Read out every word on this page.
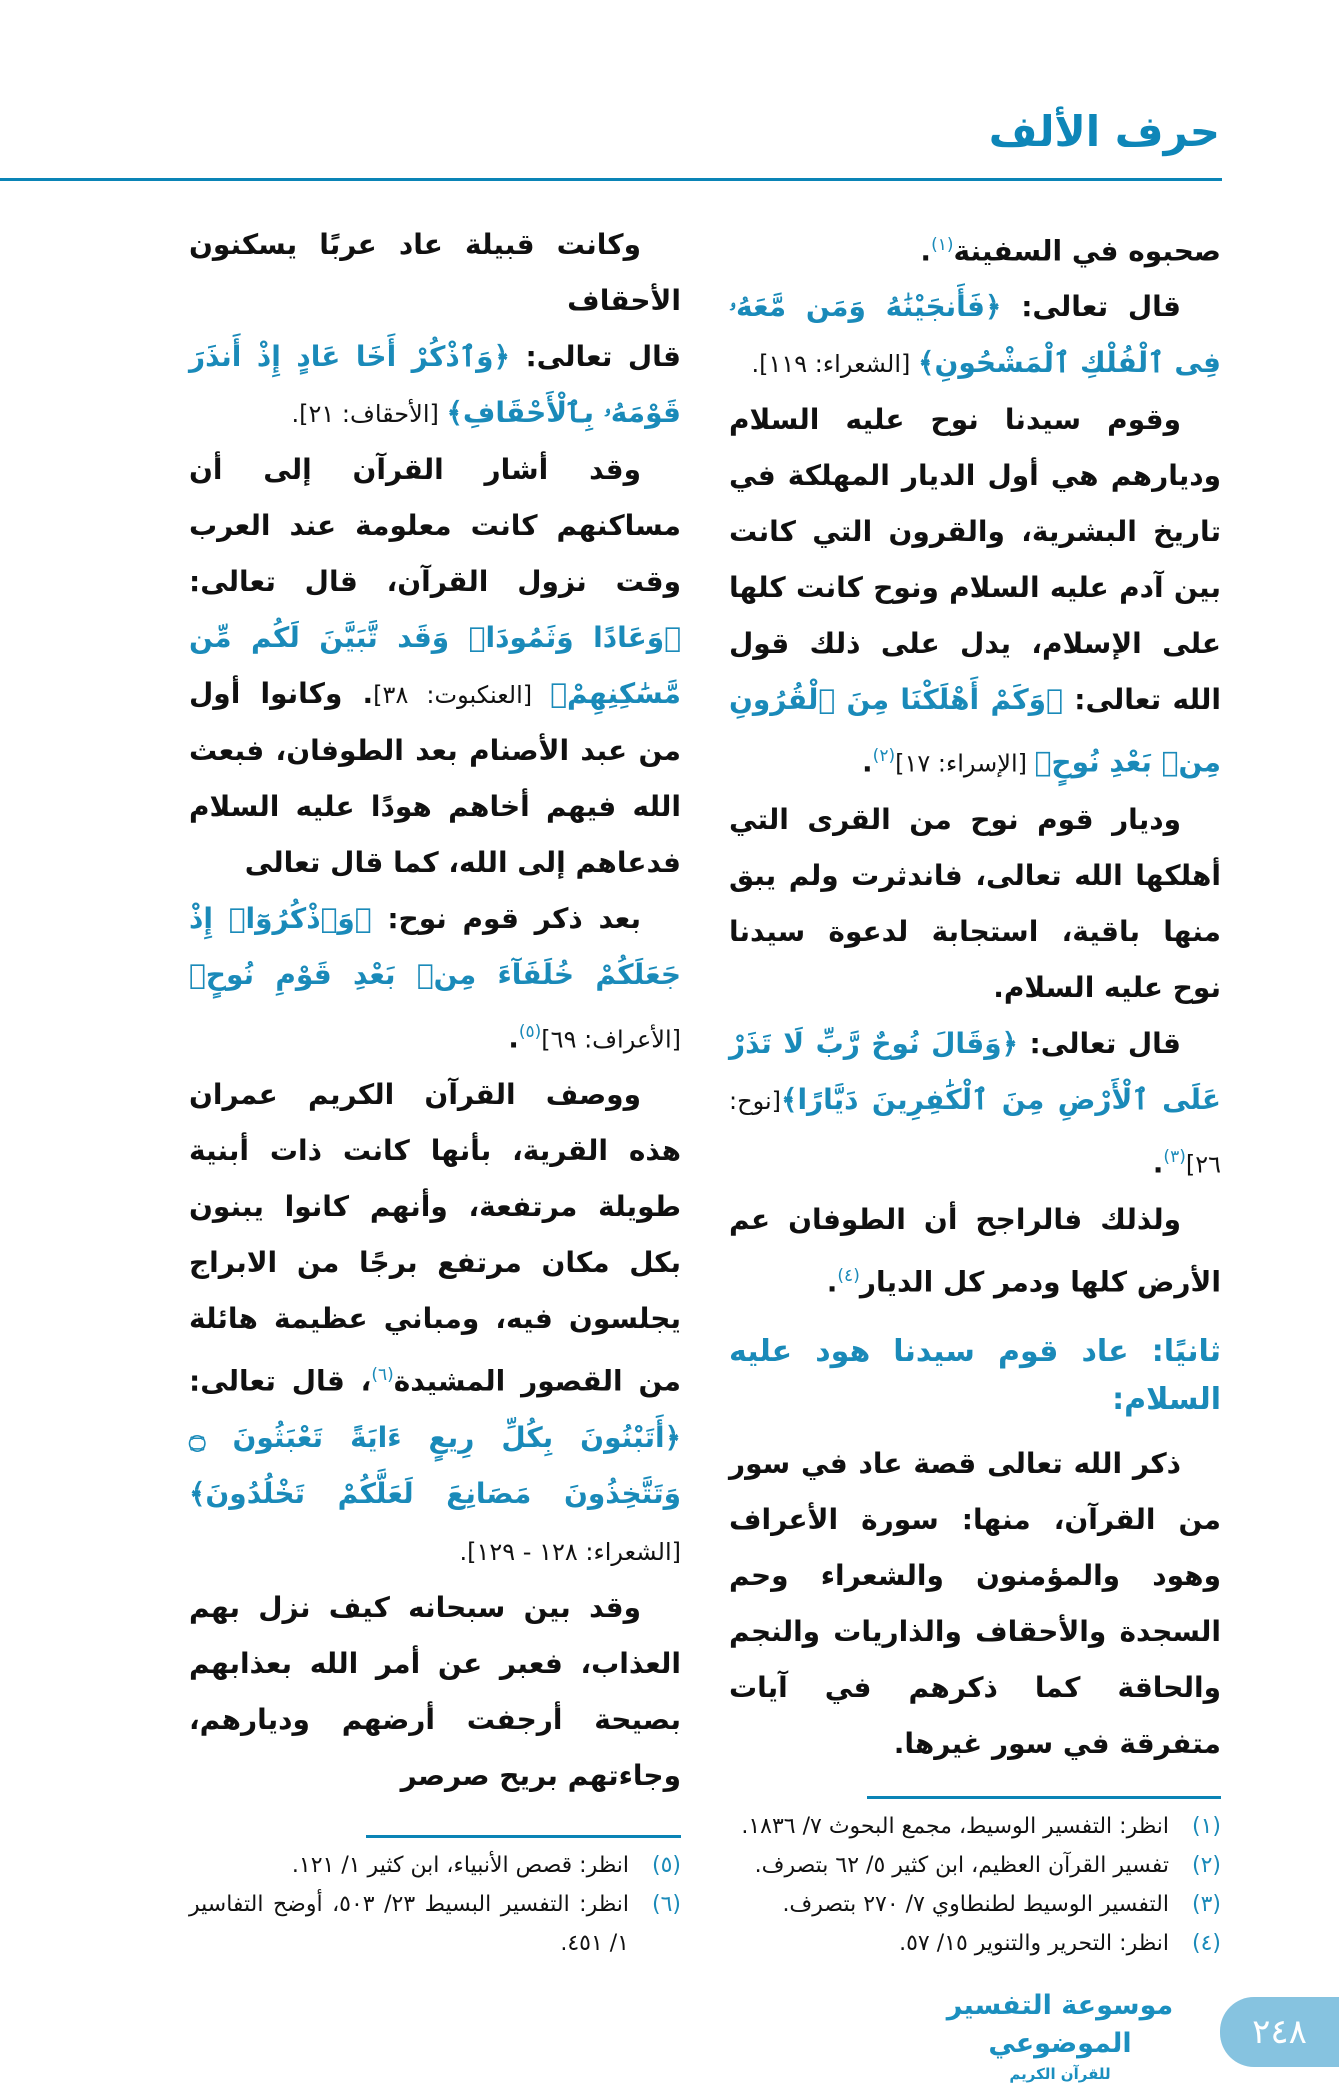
حرف الألف

صحبوه في السفينة$^{(١)}$.

قال تعالى: ﴿فَأَنجَيْنَٰهُ وَمَن مَّعَهُۥ فِى ٱلْفُلْكِ ٱلْمَشْحُونِ﴾ [الشعراء: ١١٩].

وقوم سيدنا نوح عليه السلام وديارهم هي أول الديار المهلكة في تاريخ البشرية، والقرون التي كانت بين آدم عليه السلام ونوح كانت كلها على الإسلام، يدل على ذلك قول الله تعالى: ﴿وَكَمْ أَهْلَكْنَا مِنَ ٱلْقُرُونِ مِنۢ بَعْدِ نُوحٍ﴾ [الإسراء: ١٧]$^{(٢)}$.

وديار قوم نوح من القرى التي أهلكها الله تعالى، فاندثرت ولم يبق منها باقية، استجابة لدعوة سيدنا نوح عليه السلام.

قال تعالى: ﴿وَقَالَ نُوحٌ رَّبِّ لَا تَذَرْ عَلَى ٱلْأَرْضِ مِنَ ٱلْكَٰفِرِينَ دَيَّارًا﴾[نوح: ٢٦]$^{(٣)}$.

ولذلك فالراجح أن الطوفان عم الأرض كلها ودمر كل الديار$^{(٤)}$.

ثانيًا: عاد قوم سيدنا هود عليه السلام:

ذكر الله تعالى قصة عاد في سور من القرآن، منها: سورة الأعراف وهود والمؤمنون والشعراء وحم السجدة والأحقاف والذاريات والنجم والحاقة كما ذكرهم في آيات متفرقة في سور غيرها.

(١)
انظر: التفسير الوسيط، مجمع البحوث ٧/ ١٨٣٦.
(٢)
تفسير القرآن العظيم، ابن كثير ٥/ ٦٢ بتصرف.
(٣)
التفسير الوسيط لطنطاوي ٧/ ٢٧٠ بتصرف.
(٤)
انظر: التحرير والتنوير ١٥/ ٥٧.

وكانت قبيلة عاد عربًا يسكنون الأحقاف

قال تعالى: ﴿وَٱذْكُرْ أَخَا عَادٍ إِذْ أَنذَرَ قَوْمَهُۥ بِٱلْأَحْقَافِ﴾ [الأحقاف: ٢١].

وقد أشار القرآن إلى أن مساكنهم كانت معلومة عند العرب وقت نزول القرآن، قال تعالى: ﴿وَعَادًا وَثَمُودَا۟ وَقَد تَّبَيَّنَ لَكُم مِّن مَّسَٰكِنِهِمْ﴾ [العنكبوت: ٣٨]. وكانوا أول من عبد الأصنام بعد الطوفان، فبعث الله فيهم أخاهم هودًا عليه السلام فدعاهم إلى الله، كما قال تعالى

بعد ذكر قوم نوح: ﴿وَٱذْكُرُوٓا۟ إِذْ جَعَلَكُمْ خُلَفَآءَ مِنۢ بَعْدِ قَوْمِ نُوحٍ﴾ [الأعراف: ٦٩]$^{(٥)}$.

ووصف القرآن الكريم عمران هذه القرية، بأنها كانت ذات أبنية طويلة مرتفعة، وأنهم كانوا يبنون بكل مكان مرتفع برجًا من الابراج يجلسون فيه، ومباني عظيمة هائلة من القصور المشيدة$^{(٦)}$، قال تعالى: ﴿أَتَبْنُونَ بِكُلِّ رِيعٍ ءَايَةً تَعْبَثُونَ ۝ وَتَتَّخِذُونَ مَصَانِعَ لَعَلَّكُمْ تَخْلُدُونَ﴾ [الشعراء: ١٢٨ - ١٢٩].

وقد بين سبحانه كيف نزل بهم العذاب، فعبر عن أمر الله بعذابهم بصيحة أرجفت أرضهم وديارهم، وجاءتهم بريح صرصر

(٥)
انظر: قصص الأنبياء، ابن كثير ١/ ١٢١.
(٦)
انظر: التفسير البسيط ٢٣/ ٥٠٣، أوضح التفاسير ١/ ٤٥١.
موسوعة التفسير الموضوعي
للقرآن الكريم
٢٤٨
